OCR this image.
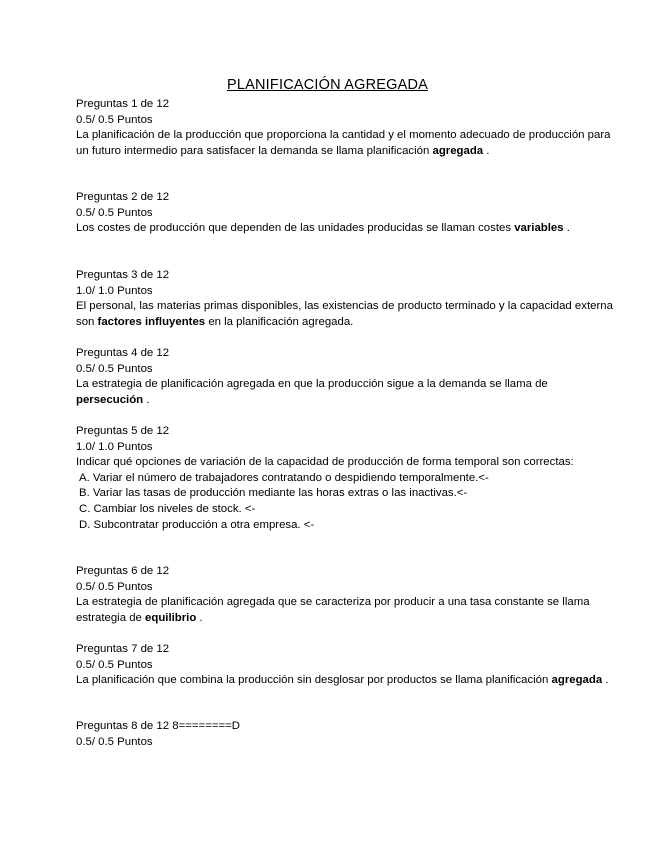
PLANIFICACIÓN AGREGADA

Preguntas 1 de 12

0.5/ 0.5 Puntos

La planificación de la producción que proporciona la cantidad y el momento adecuado de producción para un futuro intermedio para satisfacer la demanda se llama planificación agregada .

Preguntas 2 de 12

0.5/ 0.5 Puntos

Los costes de producción que dependen de las unidades producidas se llaman costes variables .

Preguntas 3 de 12

1.0/ 1.0 Puntos

El personal, las materias primas disponibles, las existencias de producto terminado y la capacidad externa son factores influyentes en la planificación agregada.

Preguntas 4 de 12

0.5/ 0.5 Puntos

La estrategia de planificación agregada en que la producción sigue a la demanda se llama de persecución .

Preguntas 5 de 12

1.0/ 1.0 Puntos

Indicar qué opciones de variación de la capacidad de producción de forma temporal son correctas:

A. Variar el número de trabajadores contratando o despidiendo temporalmente.<-

B. Variar las tasas de producción mediante las horas extras o las inactivas.<-

C. Cambiar los niveles de stock. <-

D. Subcontratar producción a otra empresa. <-

Preguntas 6 de 12

0.5/ 0.5 Puntos

La estrategia de planificación agregada que se caracteriza por producir a una tasa constante se llama estrategia de equilibrio .

Preguntas 7 de 12

0.5/ 0.5 Puntos

La planificación que combina la producción sin desglosar por productos se llama planificación agregada .

Preguntas 8 de 12 8========D

0.5/ 0.5 Puntos
